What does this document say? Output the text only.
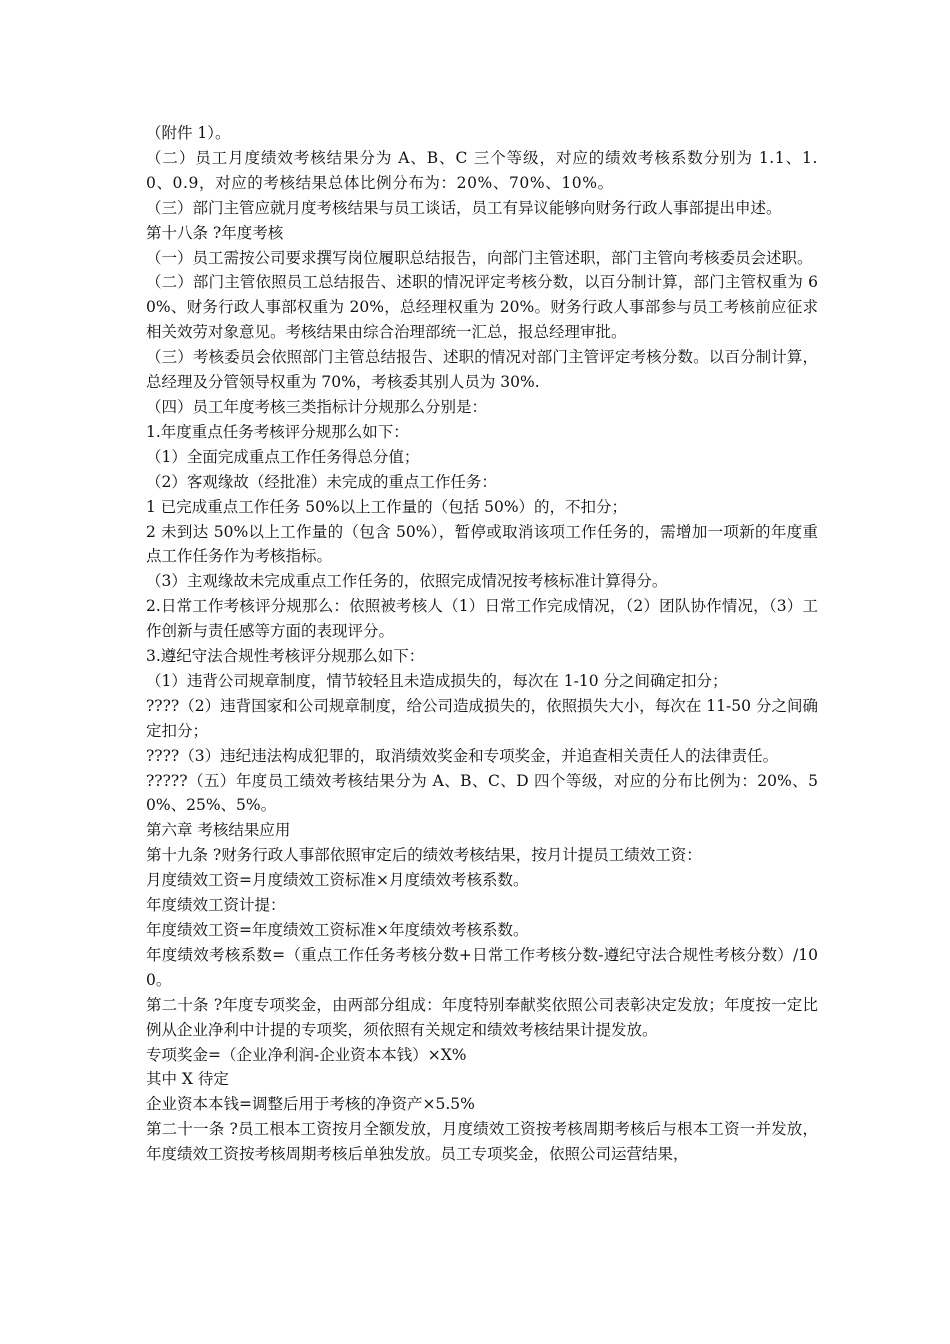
（附件 1）。

（二）员工月度绩效考核结果分为 A、B、C 三个等级，对应的绩效考核系数分别为 1.1、1.0、0.9，对应的考核结果总体比例分布为：20%、70%、10%。

（三）部门主管应就月度考核结果与员工谈话，员工有异议能够向财务行政人事部提出申述。

第十八条 ?年度考核

（一）员工需按公司要求撰写岗位履职总结报告，向部门主管述职，部门主管向考核委员会述职。

（二）部门主管依照员工总结报告、述职的情况评定考核分数，以百分制计算，部门主管权重为 60%、财务行政人事部权重为 20%，总经理权重为 20%。财务行政人事部参与员工考核前应征求相关效劳对象意见。考核结果由综合治理部统一汇总，报总经理审批。

（三）考核委员会依照部门主管总结报告、述职的情况对部门主管评定考核分数。以百分制计算，总经理及分管领导权重为 70%，考核委其别人员为 30%.

（四）员工年度考核三类指标计分规那么分别是：

1.年度重点任务考核评分规那么如下：

（1）全面完成重点工作任务得总分值；

（2）客观缘故（经批准）未完成的重点工作任务：

1 已完成重点工作任务 50%以上工作量的（包括 50%）的，不扣分；

2 未到达 50%以上工作量的（包含 50%），暂停或取消该项工作任务的，需增加一项新的年度重点工作任务作为考核指标。

（3）主观缘故未完成重点工作任务的，依照完成情况按考核标准计算得分。

2.日常工作考核评分规那么：依照被考核人（1）日常工作完成情况，（2）团队协作情况，（3）工作创新与责任感等方面的表现评分。

3.遵纪守法合规性考核评分规那么如下：

（1）违背公司规章制度，情节较轻且未造成损失的，每次在 1-10 分之间确定扣分；

????（2）违背国家和公司规章制度，给公司造成损失的，依照损失大小，每次在 11-50 分之间确定扣分；

????（3）违纪违法构成犯罪的，取消绩效奖金和专项奖金，并追查相关责任人的法律责任。

?????（五）年度员工绩效考核结果分为 A、B、C、D 四个等级，对应的分布比例为：20%、50%、25%、5%。

第六章 考核结果应用

第十九条 ?财务行政人事部依照审定后的绩效考核结果，按月计提员工绩效工资：

月度绩效工资=月度绩效工资标准×月度绩效考核系数。

年度绩效工资计提：

年度绩效工资=年度绩效工资标准×年度绩效考核系数。

年度绩效考核系数=（重点工作任务考核分数+日常工作考核分数-遵纪守法合规性考核分数）/100。

第二十条 ?年度专项奖金，由两部分组成：年度特别奉献奖依照公司表彰决定发放；年度按一定比例从企业净利中计提的专项奖，须依照有关规定和绩效考核结果计提发放。

专项奖金=（企业净利润-企业资本本钱）×X%

其中 X 待定

企业资本本钱=调整后用于考核的净资产×5.5%

第二十一条 ?员工根本工资按月全额发放，月度绩效工资按考核周期考核后与根本工资一并发放，年度绩效工资按考核周期考核后单独发放。员工专项奖金，依照公司运营结果，
